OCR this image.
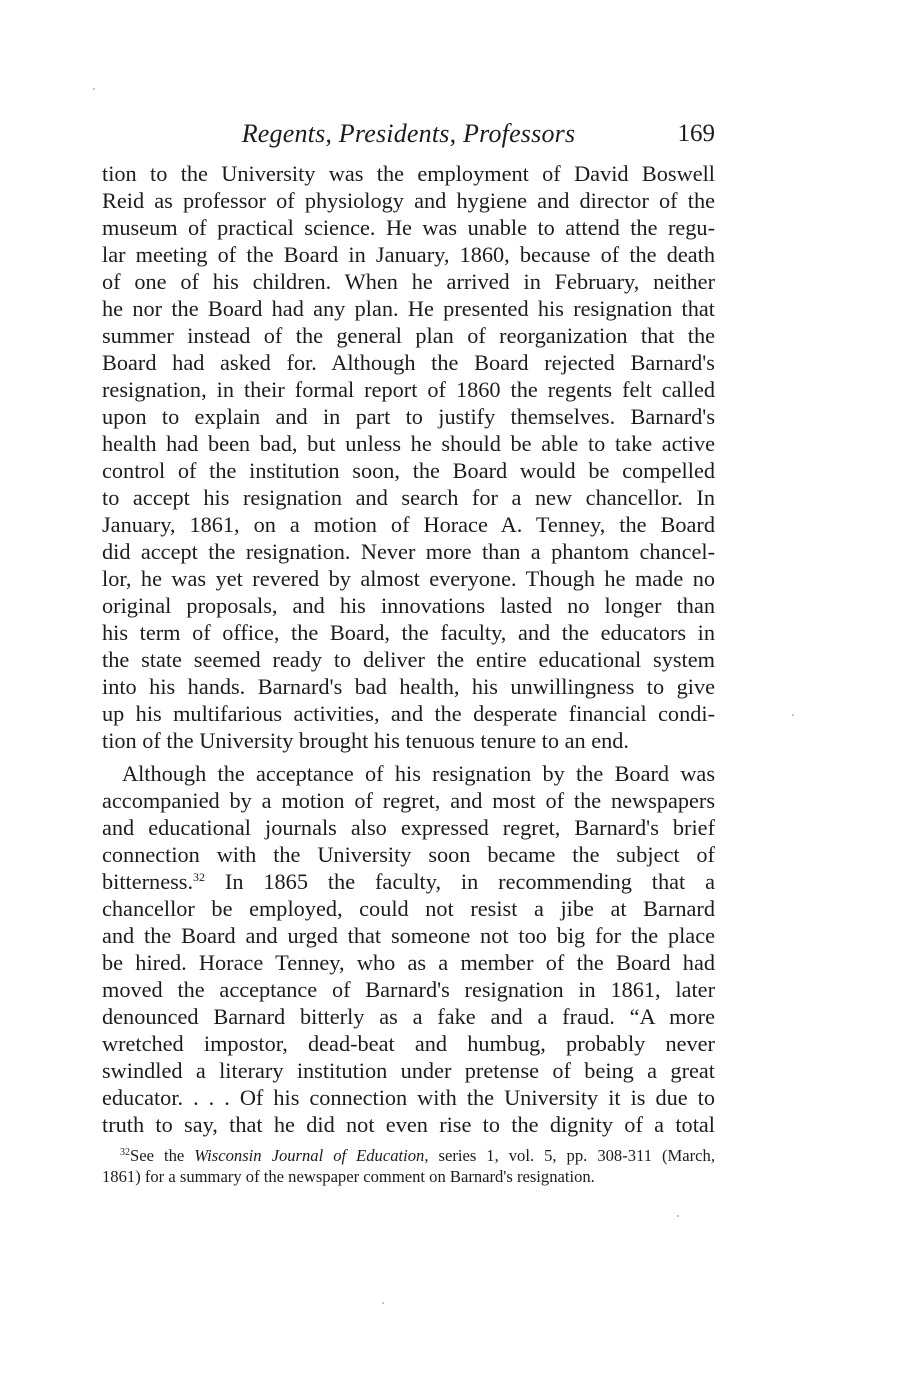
Regents, Presidents, Professors	169
tion to the University was the employment of David Boswell
Reid as professor of physiology and hygiene and director of the
museum of practical science. He was unable to attend the regu-
lar meeting of the Board in January, 1860, because of the death
of one of his children. When he arrived in February, neither
he nor the Board had any plan. He presented his resignation that
summer instead of the general plan of reorganization that the
Board had asked for. Although the Board rejected Barnard's
resignation, in their formal report of 1860 the regents felt called
upon to explain and in part to justify themselves. Barnard's
health had been bad, but unless he should be able to take active
control of the institution soon, the Board would be compelled
to accept his resignation and search for a new chancellor. In
January, 1861, on a motion of Horace A. Tenney, the Board
did accept the resignation. Never more than a phantom chancel-
lor, he was yet revered by almost everyone. Though he made no
original proposals, and his innovations lasted no longer than
his term of office, the Board, the faculty, and the educators in
the state seemed ready to deliver the entire educational system
into his hands. Barnard's bad health, his unwillingness to give
up his multifarious activities, and the desperate financial condi-
tion of the University brought his tenuous tenure to an end.
Although the acceptance of his resignation by the Board was
accompanied by a motion of regret, and most of the newspapers
and educational journals also expressed regret, Barnard's brief
connection with the University soon became the subject of
bitterness.$^{32}$ In 1865 the faculty, in recommending that a
chancellor be employed, could not resist a jibe at Barnard
and the Board and urged that someone not too big for the place
be hired. Horace Tenney, who as a member of the Board had
moved the acceptance of Barnard's resignation in 1861, later
denounced Barnard bitterly as a fake and a fraud. “A more
wretched impostor, dead-beat and humbug, probably never
swindled a literary institution under pretense of being a great
educator. . . . Of his connection with the University it is due to
truth to say, that he did not even rise to the dignity of a total
$^{32}$See the Wisconsin Journal of Education, series 1, vol. 5, pp. 308-311 (March,
1861) for a summary of the newspaper comment on Barnard's resignation.
